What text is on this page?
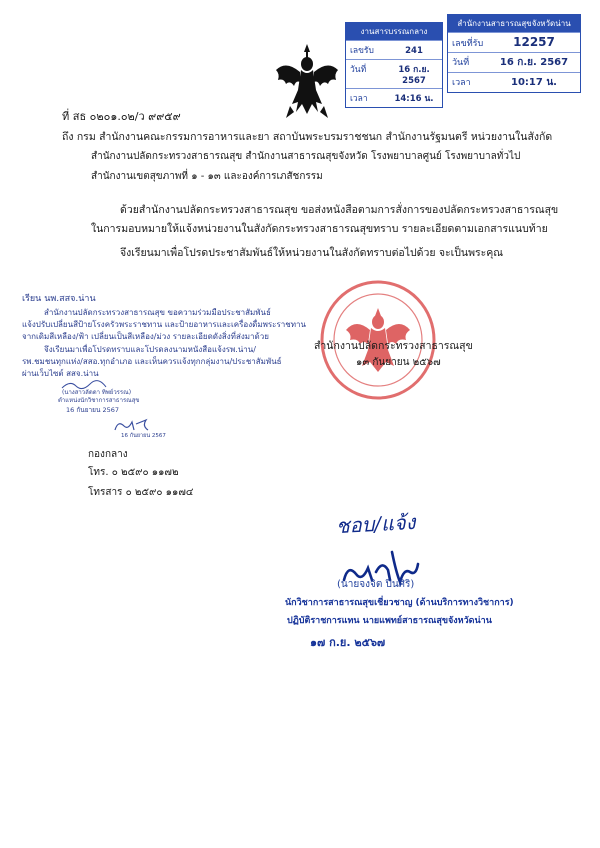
งานสารบรรณกลาง
เลขรับ	241
วันที่	16 ก.ย. 2567
เวลา	14:16 น.
สำนักงานสาธารณสุขจังหวัดน่าน
เลขที่รับ	12257
วันที่	16 ก.ย. 2567
เวลา	10:17 น.
ที่ สธ ๐๒๐๑.๐๒/ว ๙๙๕๙
ถึง กรม สำนักงานคณะกรรมการอาหารและยา สถาบันพระบรมราชชนก สำนักงานรัฐมนตรี หน่วยงานในสังกัด
สำนักงานปลัดกระทรวงสาธารณสุข สำนักงานสาธารณสุขจังหวัด โรงพยาบาลศูนย์ โรงพยาบาลทั่วไป
สำนักงานเขตสุขภาพที่ ๑ - ๑๓ และองค์การเภสัชกรรม
ด้วยสำนักงานปลัดกระทรวงสาธารณสุข ขอส่งหนังสือตามการสั่งการของปลัดกระทรวงสาธารณสุข
ในการมอบหมายให้แจ้งหน่วยงานในสังกัดกระทรวงสาธารณสุขทราบ รายละเอียดตามเอกสารแนบท้าย
จึงเรียนมาเพื่อโปรดประชาสัมพันธ์ให้หน่วยงานในสังกัดทราบต่อไปด้วย จะเป็นพระคุณ
สำนักงานปลัดกระทรวงสาธารณสุข
๑๓ กันยายน ๒๕๖๗
เรียน นพ.สสจ.น่าน
สำนักงานปลัดกระทรวงสาธารณสุข ขอความร่วมมือประชาสัมพันธ์
แจ้งปรับเปลี่ยนสีป้ายโรงครัวพระราชทาน และป้ายอาหารและเครื่องดื่มพระราชทาน
จากเดิมสีเหลือง/ฟ้า เปลี่ยนเป็นสีเหลือง/ม่วง รายละเอียดดังสิ่งที่ส่งมาด้วย
จึงเรียนมาเพื่อโปรดทราบและโปรดลงนามหนังสือแจ้งรพ.น่าน/
รพ.ชมชนทุกแห่ง/สสอ.ทุกอำเภอ และเห็นควรแจ้งทุกกลุ่มงาน/ประชาสัมพันธ์
ผ่านเว็บไซต์ สสจ.น่าน
(นางสาวลัดดา ทิพย์วรรณ)
ตำแหน่งนักวิชาการสาธารณสุข
16 กันยายน 2567
16 กันยายน 2567
กองกลาง
โทร. ๐ ๒๕๙๐ ๑๑๗๒
โทรสาร ๐ ๒๕๙๐ ๑๑๗๔
ชอบ/แจ้ง
(นายจงจิต ปินศิริ)
นักวิชาการสาธารณสุขเชี่ยวชาญ (ด้านบริการทางวิชาการ)
ปฏิบัติราชการแทน นายแพทย์สาธารณสุขจังหวัดน่าน
๑๗ ก.ย. ๒๕๖๗
